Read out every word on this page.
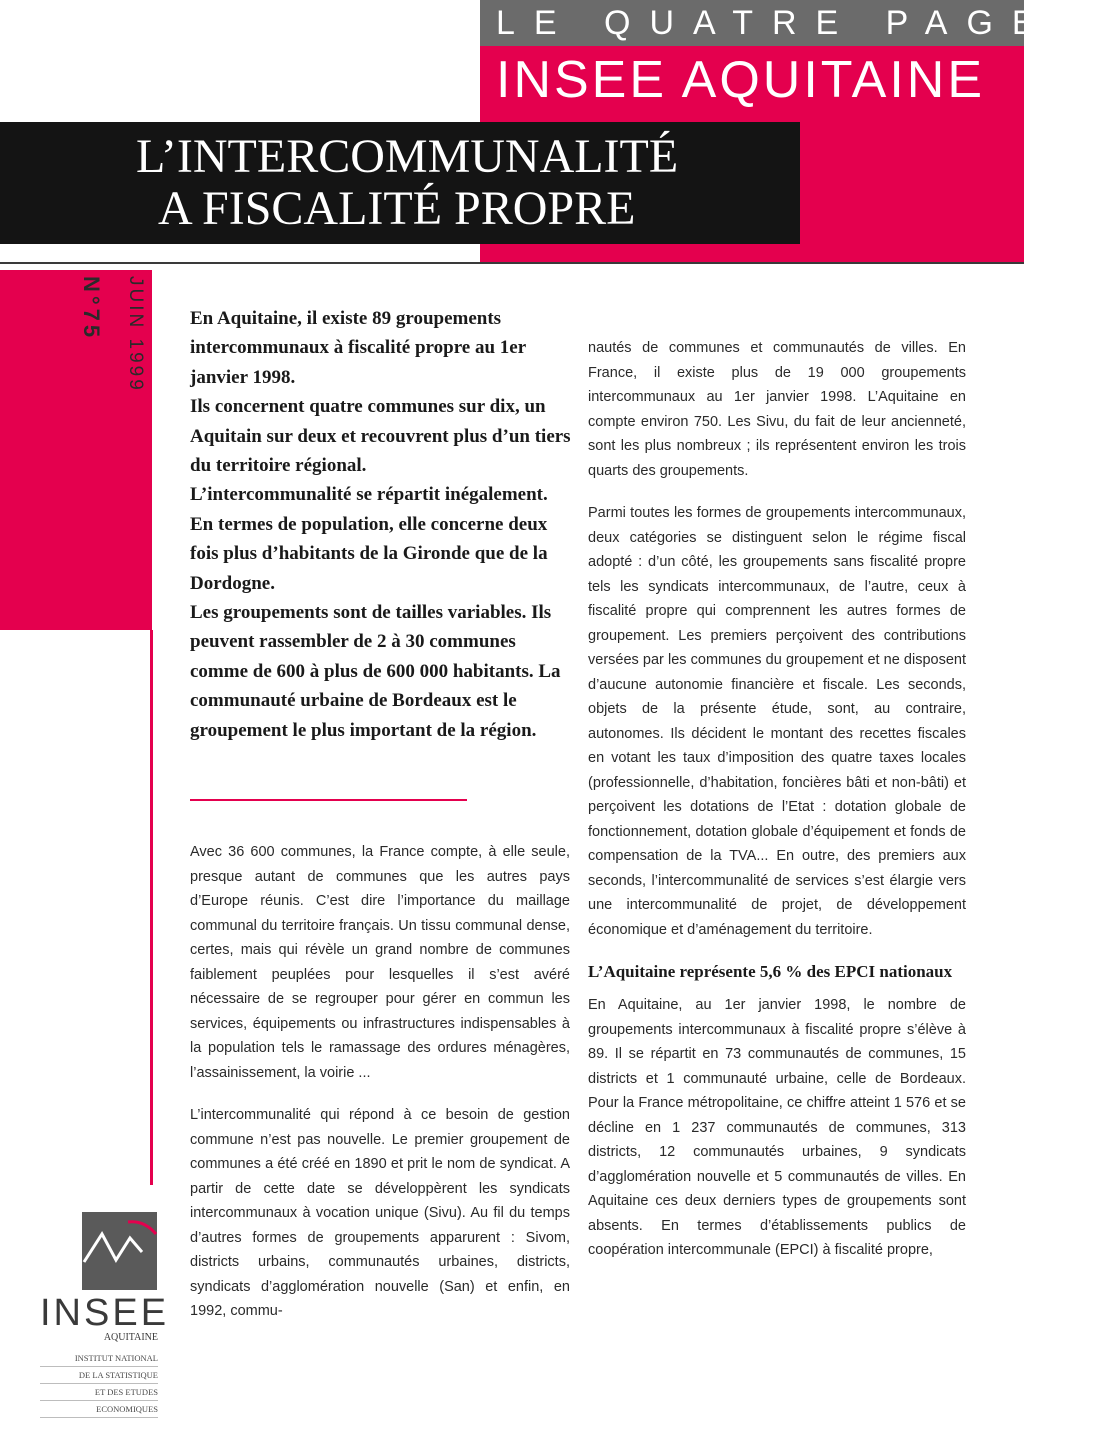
LE QUATRE PAGES
INSEE AQUITAINE
L’INTERCOMMUNALITÉ
A FISCALITÉ PROPRE
N°75	JUIN 1999 En Aquitaine, il existe 89 groupements intercommunaux à fiscalité propre au 1er janvier 1998.

Ils concernent quatre communes sur dix, un Aquitain sur deux et recouvrent plus d’un tiers du territoire régional.

L’intercommunalité se répartit inégalement. En termes de population, elle concerne deux fois plus d’habitants de la Gironde que de la Dordogne.

Les groupements sont de tailles variables. Ils peuvent rassembler de 2 à 30 communes comme de 600 à plus de 600 000 habitants. La communauté urbaine de Bordeaux est le groupement le plus important de la région.

Avec 36 600 communes, la France compte, à elle seule, presque autant de communes que les autres pays d’Europe réunis. C’est dire l’importance du maillage communal du territoire français. Un tissu communal dense, certes, mais qui révèle un grand nombre de communes faiblement peuplées pour lesquelles il s’est avéré nécessaire de se regrouper pour gérer en commun les services, équipements ou infrastructures indispensables à la population tels le ramassage des ordures ménagères, l’assainissement, la voirie ...

L’intercommunalité qui répond à ce besoin de gestion commune n’est pas nouvelle. Le premier groupement de communes a été créé en 1890 et prit le nom de syndicat. A partir de cette date se développèrent les syndicats intercommunaux à vocation unique (Sivu). Au fil du temps d’autres formes de groupements apparurent : Sivom, districts urbains, communautés urbaines, districts, syndicats d’agglomération nouvelle (San) et enfin, en 1992, commu-

nautés de communes et communautés de villes. En France, il existe plus de 19 000 groupements intercommunaux au 1er janvier 1998. L’Aquitaine en compte environ 750. Les Sivu, du fait de leur ancienneté, sont les plus nombreux ; ils représentent environ les trois quarts des groupements.

Parmi toutes les formes de groupements intercommunaux, deux catégories se distinguent selon le régime fiscal adopté : d’un côté, les groupements sans fiscalité propre tels les syndicats intercommunaux, de l’autre, ceux à fiscalité propre qui comprennent les autres formes de groupement. Les premiers perçoivent des contributions versées par les communes du groupement et ne disposent d’aucune autonomie financière et fiscale. Les seconds, objets de la présente étude, sont, au contraire, autonomes. Ils décident le montant des recettes fiscales en votant les taux d’imposition des quatre taxes locales (professionnelle, d’habitation, foncières bâti et non-bâti) et perçoivent les dotations de l’Etat : dotation globale de fonctionnement, dotation globale d’équipement et fonds de compensation de la TVA... En outre, des premiers aux seconds, l’intercommunalité de services s’est élargie vers une intercommunalité de projet, de développement économique et d’aménagement du territoire.

L’Aquitaine représente 5,6 % des EPCI nationaux

En Aquitaine, au 1er janvier 1998, le nombre de groupements intercommunaux à fiscalité propre s’élève à 89. Il se répartit en 73 communautés de communes, 15 districts et 1 communauté urbaine, celle de Bordeaux. Pour la France métropolitaine, ce chiffre atteint 1 576 et se décline en 1 237 communautés de communes, 313 districts, 12 communautés urbaines, 9 syndicats d’agglomération nouvelle et 5 communautés de villes. En Aquitaine ces deux derniers types de groupements sont absents. En termes d’établissements publics de coopération intercommunale (EPCI) à fiscalité propre,

INSEE
AQUITAINE
INSTITUT NATIONAL
DE LA STATISTIQUE
ET DES ETUDES
ECONOMIQUES
